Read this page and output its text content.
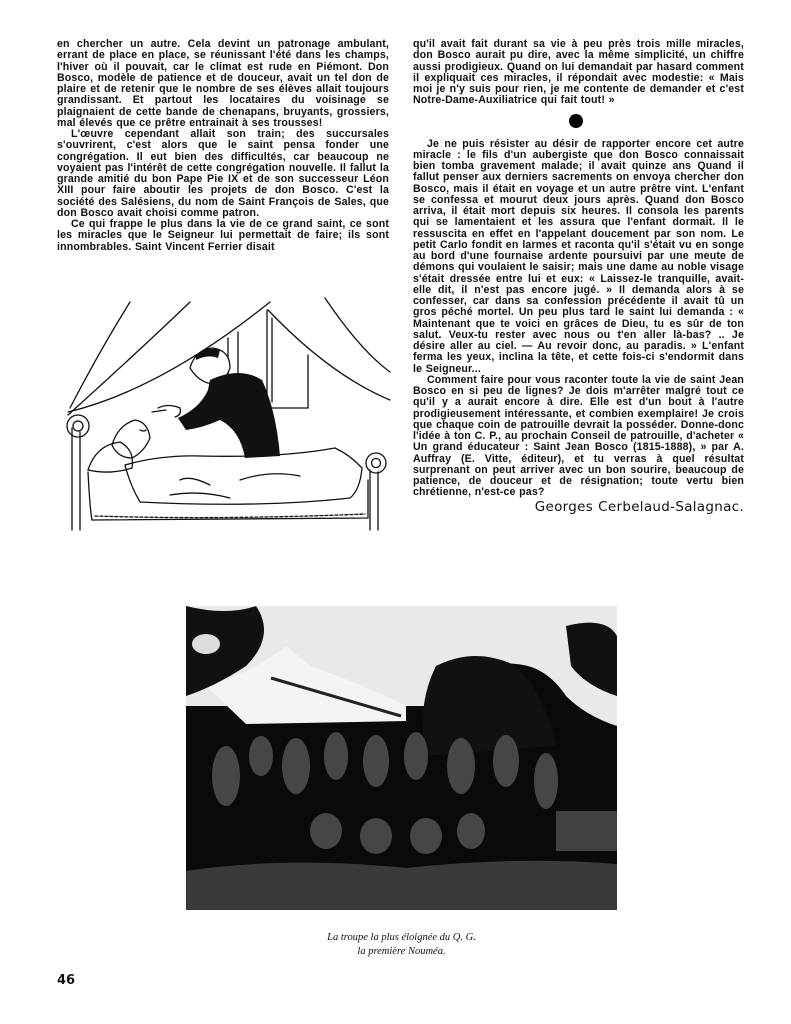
en chercher un autre. Cela devint un patronage ambulant, errant de place en place, se réunissant l'été dans les champs, l'hiver où il pouvait, car le climat est rude en Piémont. Don Bosco, modèle de patience et de douceur, avait un tel don de plaire et de retenir que le nombre de ses élèves allait toujours grandissant. Et partout les locataires du voisinage se plaignaient de cette bande de chenapans, bruyants, grossiers, mal élevés que ce prêtre entrainait à ses trousses!

L'œuvre cependant allait son train; des succursales s'ouvrirent, c'est alors que le saint pensa fonder une congrégation. Il eut bien des difficultés, car beaucoup ne voyaient pas l'intérêt de cette congrégation nouvelle. Il fallut la grande amitié du bon Pape Pie IX et de son successeur Léon XIII pour faire aboutir les projets de don Bosco. C'est la société des Salésiens, du nom de Saint François de Sales, que don Bosco avait choisi comme patron.

Ce qui frappe le plus dans la vie de ce grand saint, ce sont les miracles que le Seigneur lui permettait de faire; ils sont innombrables. Saint Vincent Ferrier disait

qu'il avait fait durant sa vie à peu près trois mille miracles, don Bosco aurait pu dire, avec la même simplicité, un chiffre aussi prodigieux. Quand on lui demandait par hasard comment il expliquait ces miracles, il répondait avec modestie: « Mais moi je n'y suis pour rien, je me contente de demander et c'est Notre-Dame-Auxiliatrice qui fait tout! »

Je ne puis résister au désir de rapporter encore cet autre miracle : le fils d'un aubergiste que don Bosco connaissait bien tomba gravement malade; il avait quinze ans Quand il fallut penser aux derniers sacrements on envoya chercher don Bosco, mais il était en voyage et un autre prêtre vint. L'enfant se confessa et mourut deux jours après. Quand don Bosco arriva, il était mort depuis six heures. Il consola les parents qui se lamentaient et les assura que l'enfant dormait. Il le ressuscita en effet en l'appelant doucement par son nom. Le petit Carlo fondit en larmes et raconta qu'il s'était vu en songe au bord d'une fournaise ardente poursuivi par une meute de démons qui voulaient le saisir; mais une dame au noble visage s'était dressée entre lui et eux: « Laissez-le tranquille, avait-elle dit, il n'est pas encore jugé. » Il demanda alors à se confesser, car dans sa confession précédente il avait tû un gros péché mortel. Un peu plus tard le saint lui demanda : « Maintenant que te voici en grâces de Dieu, tu es sûr de ton salut. Veux-tu rester avec nous ou t'en aller là-bas? .. Je désire aller au ciel. — Au revoir donc, au paradis. » L'enfant ferma les yeux, inclina la tête, et cette fois-ci s'endormit dans le Seigneur...

Comment faire pour vous raconter toute la vie de saint Jean Bosco en si peu de lignes? Je dois m'arrêter malgré tout ce qu'il y a aurait encore à dire. Elle est d'un bout à l'autre prodigieusement intéressante, et combien exemplaire! Je crois que chaque coin de patrouille devrait la posséder. Donne-donc l'idée à ton C. P., au prochain Conseil de patrouille, d'acheter « Un grand éducateur : Saint Jean Bosco (1815-1888), » par A. Auffray (E. Vitte, éditeur), et tu verras à quel résultat surprenant on peut arriver avec un bon sourire, beaucoup de patience, de douceur et de résignation; toute vertu bien chrétienne, n'est-ce pas?

Georges Cerbelaud-Salagnac.
La troupe la plus éloignée du Q. G.
la première Nouméa.
46
